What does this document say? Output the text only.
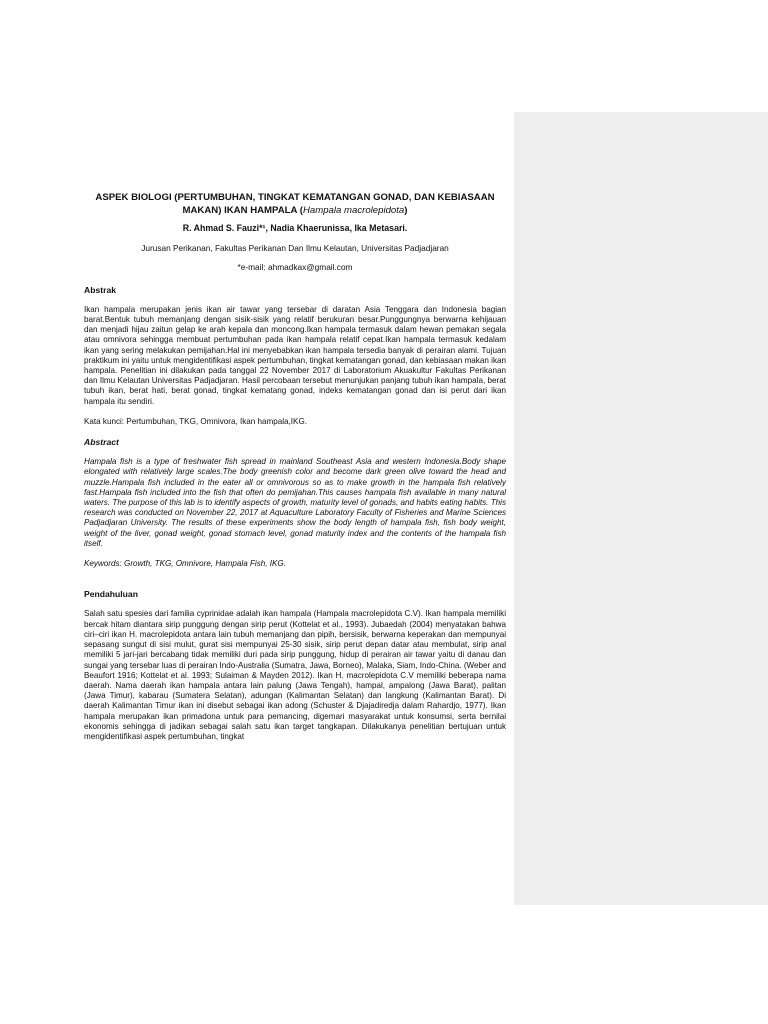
ASPEK BIOLOGI (PERTUMBUHAN, TINGKAT KEMATANGAN GONAD, DAN KEBIASAAN MAKAN) IKAN HAMPALA (Hampala macrolepidota)
R. Ahmad S. Fauzi*¹, Nadia Khaerunissa, Ika Metasari.
Jurusan Perikanan, Fakultas Perikanan Dan Ilmu Kelautan, Universitas Padjadjaran
*e-mail: ahmadkax@gmail.com
Abstrak

Ikan hampala merupakan jenis ikan air tawar yang tersebar di daratan Asia Tenggara dan Indonesia bagian barat.Bentuk tubuh memanjang dengan sisik-sisik yang relatif berukuran besar.Punggungnya berwarna kehijauan dan menjadi hijau zaitun gelap ke arah kepala dan moncong.Ikan hampala termasuk dalam hewan pemakan segala atau omnivora sehingga membuat pertumbuhan pada ikan hampala relatif cepat.Ikan hampala termasuk kedalam ikan yang sering melakukan pemijahan.Hal ini menyebabkan ikan hampala tersedia banyak di perairan alami. Tujuan praktikum ini yaitu untuk mengidentifikasi aspek pertumbuhan, tingkat kematangan gonad, dan kebiasaan makan ikan hampala. Penelitian ini dilakukan pada tanggal 22 November 2017 di Laboratorium Akuakultur Fakultas Perikanan dan Ilmu Kelautan Universitas Padjadjaran. Hasil percobaan tersebut menunjukan panjang tubuh ikan hampala, berat tubuh ikan, berat hati, berat gonad, tingkat kematang gonad, indeks kematangan gonad dan isi perut dari ikan hampala itu sendiri.

Kata kunci: Pertumbuhan, TKG, Omnivora, Ikan hampala,IKG.
Abstract

Hampala fish is a type of freshwater fish spread in mainland Southeast Asia and western Indonesia.Body shape elongated with relatively large scales.The body greenish color and become dark green olive toward the head and muzzle.Hampala fish included in the eater all or omnivorous so as to make growth in the hampala fish relatively fast.Hampala fish included into the fish that often do pemijahan.This causes hampala fish available in many natural waters. The purpose of this lab is to identify aspects of growth, maturity level of gonads, and habits eating habits. This research was conducted on November 22, 2017 at Aquaculture Laboratory Faculty of Fisheries and Marine Sciences Padjadjaran University. The results of these experiments show the body length of hampala fish, fish body weight, weight of the liver, gonad weight, gonad stomach level, gonad maturity index and the contents of the hampala fish itself.

Keywords: Growth, TKG, Omnivore, Hampala Fish, IKG.
Pendahuluan

Salah satu spesies dari familia cyprinidae adalah ikan hampala (Hampala macrolepidota C.V). Ikan hampala memiliki bercak hitam diantara sirip punggung dengan sirip perut (Kottelat et al., 1993). Jubaedah (2004) menyatakan bahwa ciri–ciri ikan H. macrolepidota antara lain tubuh memanjang dan pipih, bersisik, berwarna keperakan dan mempunyai sepasang sungut di sisi mulut, gurat sisi mempunyai 25-30 sisik, sirip perut depan datar atau membulat, sirip anal memiliki 5 jari-jari bercabang tidak memiliki duri pada sirip punggung, hidup di perairan air tawar yaitu di danau dan sungai yang tersebar luas di perairan Indo-Australia (Sumatra, Jawa, Borneo), Malaka, Siam, Indo-China. (Weber and Beaufort 1916; Kottelat et al. 1993; Sulaiman & Mayden 2012). Ikan H. macrolepidota C.V memiliki beberapa nama daerah. Nama daerah ikan hampala antara lain palung (Jawa Tengah), hampal, ampalong (Jawa Barat), palitan (Jawa Timur), kabarau (Sumatera Selatan), adungan (Kalimantan Selatan) dan langkung (Kalimantan Barat). Di daerah Kalimantan Timur ikan ini disebut sebagai ikan adong (Schuster & Djajadiredja dalam Rahardjo, 1977). Ikan hampala merupakan ikan primadona untuk para pemancing, digemari masyarakat untuk konsumsi, serta bernilai ekonomis sehingga di jadikan sebagai salah satu ikan target tangkapan. Dilakukanya penelitian bertujuan untuk mengidentifikasi aspek pertumbuhan, tingkat
